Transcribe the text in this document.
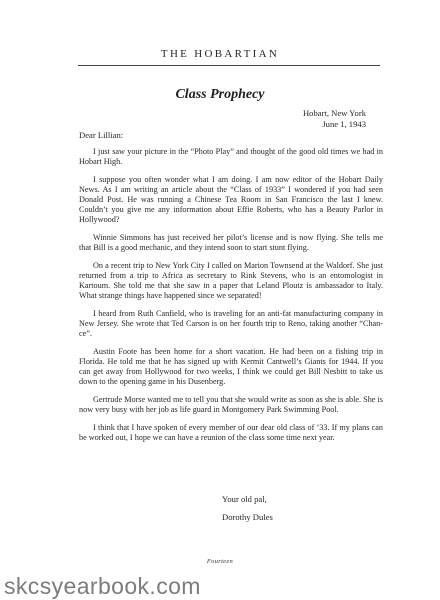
THE HOBARTIAN
Class Prophecy
Hobart, New York
June 1, 1943
Dear Lillian:

I just saw your picture in the “Photo Play” and thought of the good old times we had in Hobart High.

I suppose you often wonder what I am doing. I am now editor of the Hobart Daily News. As I am writing an article about the “Class of 1933” I wondered if you had seen Donald Post. He was running a Chinese Tea Room in San Francisco the last I knew. Couldn’t you give me any information about Effie Roberts, who has a Beauty Parlor in Hollywood?

Winnie Simmons has just received her pilot’s license and is now flying. She tells me that Bill is a good mechanic, and they intend soon to start stunt flying.

On a recent trip to New York City I called on Marion Townsend at the Waldorf. She just returned from a trip to Africa as secretary to Rink Stevens, who is an entomologist in Kartoum. She told me that she saw in a paper that Leland Ploutz is ambassador to Italy. What strange things have happened since we separated!

I heard from Ruth Canfield, who is traveling for an anti-fat manufacturing company in New Jersey. She wrote that Ted Carson is on her fourth trip to Reno, taking another “Chan-ce”.

Austin Foote has been home for a short vacation. He had been on a fishing trip in Florida. He told me that he has signed up with Kermit Cantwell’s Giants for 1944. If you can get away from Hollywood for two weeks, I think we could get Bill Nesbitt to take us down to the opening game in his Dusenberg.

Gertrude Morse wanted me to tell you that she would write as soon as she is able. She is now very busy with her job as life guard in Montgomery Park Swimming Pool.

I think that I have spoken of every member of our dear old class of ’33. If my plans can be worked out, I hope we can have a reunion of the class some time next year.

Your old pal,
Dorothy Dules
Fourteen
skcsyearbook.com
